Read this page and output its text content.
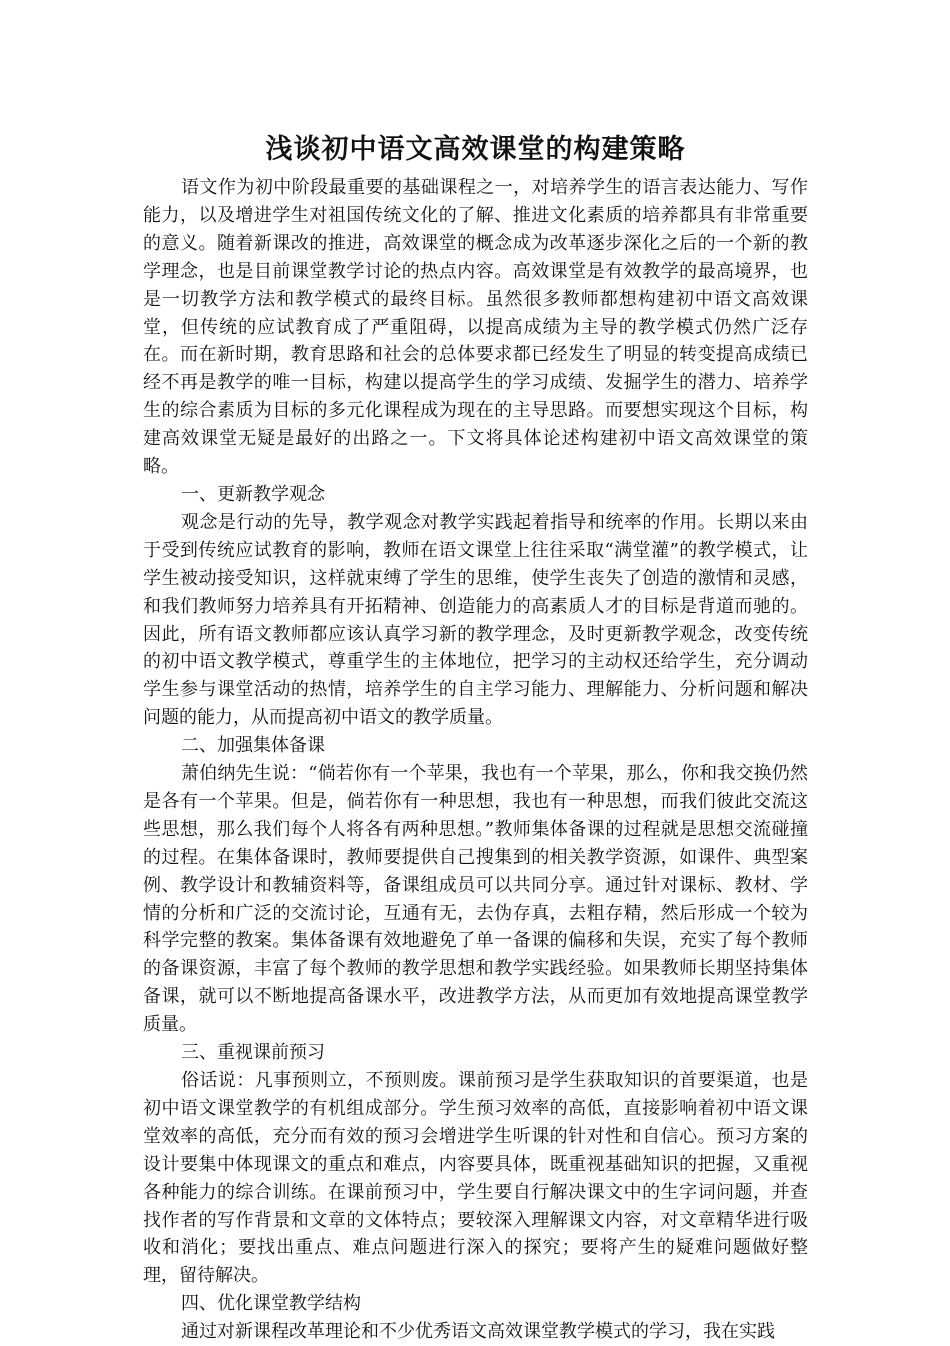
浅谈初中语文高效课堂的构建策略

语文作为初中阶段最重要的基础课程之一，对培养学生的语言表达能力、写作能力，以及增进学生对祖国传统文化的了解、推进文化素质的培养都具有非常重要的意义。随着新课改的推进，高效课堂的概念成为改革逐步深化之后的一个新的教学理念，也是目前课堂教学讨论的热点内容。高效课堂是有效教学的最高境界，也是一切教学方法和教学模式的最终目标。虽然很多教师都想构建初中语文高效课堂，但传统的应试教育成了严重阻碍，以提高成绩为主导的教学模式仍然广泛存在。而在新时期，教育思路和社会的总体要求都已经发生了明显的转变提高成绩已经不再是教学的唯一目标，构建以提高学生的学习成绩、发掘学生的潜力、培养学生的综合素质为目标的多元化课程成为现在的主导思路。而要想实现这个目标，构建高效课堂无疑是最好的出路之一。下文将具体论述构建初中语文高效课堂的策略。

一、更新教学观念

观念是行动的先导，教学观念对教学实践起着指导和统率的作用。长期以来由于受到传统应试教育的影响，教师在语文课堂上往往采取“满堂灌”的教学模式，让学生被动接受知识，这样就束缚了学生的思维，使学生丧失了创造的激情和灵感，和我们教师努力培养具有开拓精神、创造能力的高素质人才的目标是背道而驰的。因此，所有语文教师都应该认真学习新的教学理念，及时更新教学观念，改变传统的初中语文教学模式，尊重学生的主体地位，把学习的主动权还给学生，充分调动学生参与课堂活动的热情，培养学生的自主学习能力、理解能力、分析问题和解决问题的能力，从而提高初中语文的教学质量。

二、加强集体备课

萧伯纳先生说：“倘若你有一个苹果，我也有一个苹果，那么，你和我交换仍然是各有一个苹果。但是，倘若你有一种思想，我也有一种思想，而我们彼此交流这些思想，那么我们每个人将各有两种思想。”教师集体备课的过程就是思想交流碰撞的过程。在集体备课时，教师要提供自己搜集到的相关教学资源，如课件、典型案例、教学设计和教辅资料等，备课组成员可以共同分享。通过针对课标、教材、学情的分析和广泛的交流讨论，互通有无，去伪存真，去粗存精，然后形成一个较为科学完整的教案。集体备课有效地避免了单一备课的偏移和失误，充实了每个教师的备课资源，丰富了每个教师的教学思想和教学实践经验。如果教师长期坚持集体备课，就可以不断地提高备课水平，改进教学方法，从而更加有效地提高课堂教学质量。

三、重视课前预习

俗话说：凡事预则立，不预则废。课前预习是学生获取知识的首要渠道，也是初中语文课堂教学的有机组成部分。学生预习效率的高低，直接影响着初中语文课堂效率的高低，充分而有效的预习会增进学生听课的针对性和自信心。预习方案的设计要集中体现课文的重点和难点，内容要具体，既重视基础知识的把握，又重视各种能力的综合训练。在课前预习中，学生要自行解决课文中的生字词问题，并查找作者的写作背景和文章的文体特点；要较深入理解课文内容，对文章精华进行吸收和消化；要找出重点、难点问题进行深入的探究；要将产生的疑难问题做好整理，留待解决。

四、优化课堂教学结构

通过对新课程改革理论和不少优秀语文高效课堂教学模式的学习，我在实践
